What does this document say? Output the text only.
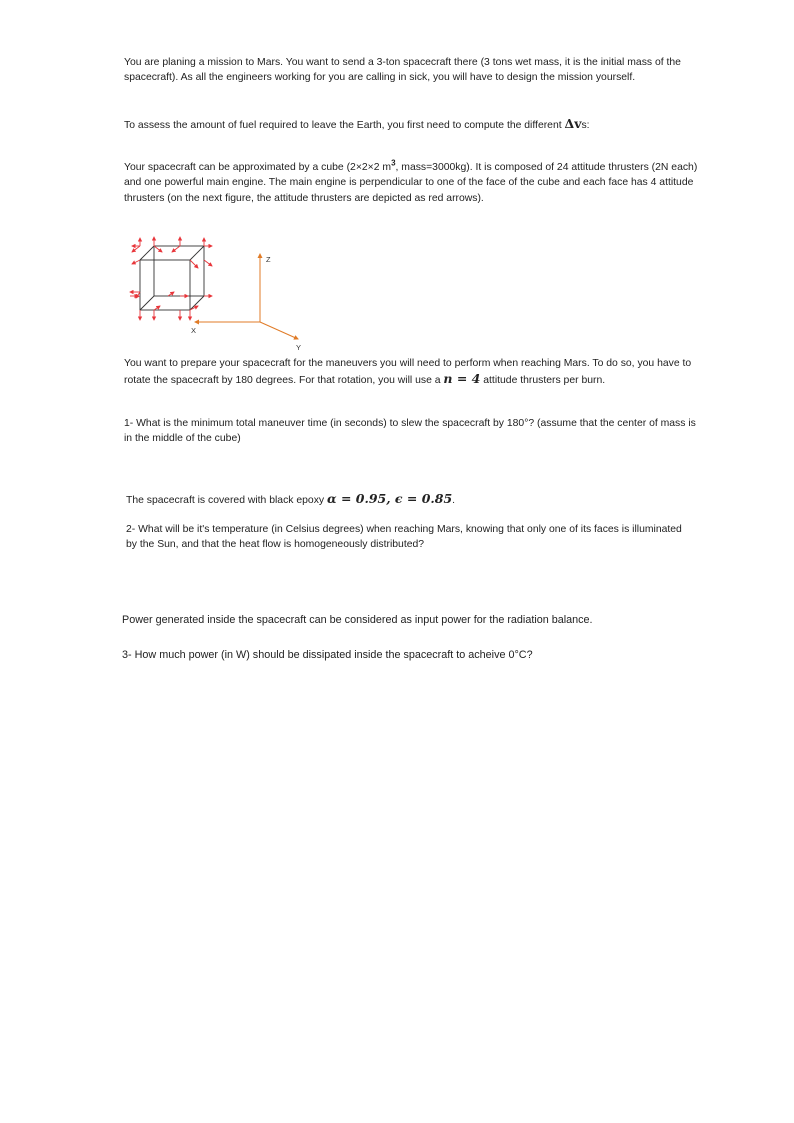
You are planing a mission to Mars. You want to send a 3-ton spacecraft there (3 tons wet mass, it is the initial mass of the spacecraft). As all the engineers working for you are calling in sick, you will have to design the mission yourself.

To assess the amount of fuel required to leave the Earth, you first need to compute the different Δvs:

Your spacecraft can be approximated by a cube (2×2×2 $m^3$, mass=3000kg). It is composed of 24 attitude thrusters (2N each) and one powerful main engine. The main engine is perpendicular to one of the face of the cube and each face has 4 attitude thrusters (on the next figure, the attitude thrusters are depicted as red arrows).

Z
X
Y

You want to prepare your spacecraft for the maneuvers you will need to perform when reaching Mars. To do so, you have to rotate the spacecraft by 180 degrees. For that rotation, you will use a n = 4 attitude thrusters per burn.

1- What is the minimum total maneuver time (in seconds) to slew the spacecraft by 180°? (assume that the center of mass is in the middle of the cube)

The spacecraft is covered with black epoxy α = 0.95, ϵ = 0.85.

2- What will be it's temperature (in Celsius degrees) when reaching Mars, knowing that only one of its faces is illuminated by the Sun, and that the heat flow is homogeneously distributed?

Power generated inside the spacecraft can be considered as input power for the radiation balance.

3- How much power (in W) should be dissipated inside the spacecraft to acheive 0°C?
